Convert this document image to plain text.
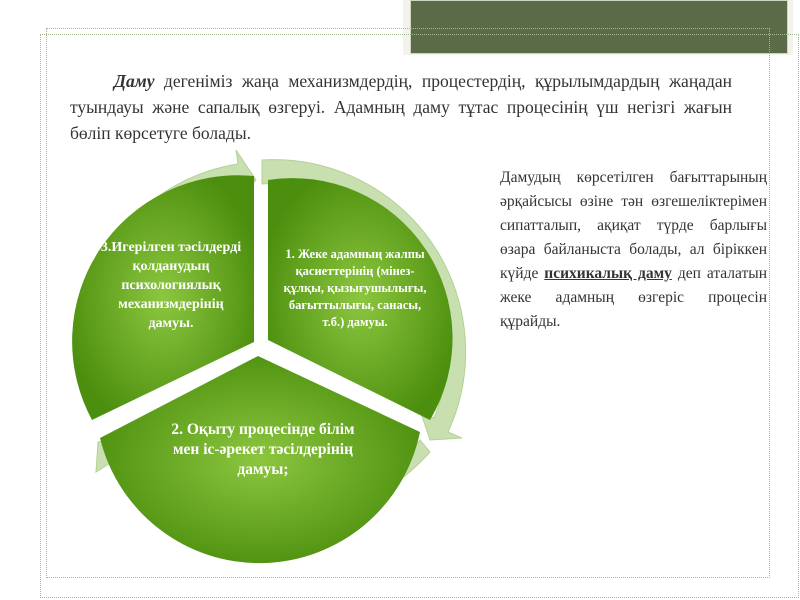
Даму дегеніміз жаңа механизмдердің, процестердің, құрылымдардың жаңадан туындауы және сапалық өзгеруі. Адамның даму тұтас процесінің үш негізгі жағын бөліп көрсетуге болады.

1. Жеке адамның жалпы қасиеттерінің (мінез-құлқы, қызығушылығы, бағыттылығы, санасы, т.б.) дамуы.
2. Оқыту процесінде білім мен іс-әрекет тәсілдерінің дамуы;
3.Игерілген тәсілдерді қолданудың психологиялық механизмдерінің дамуы.

Дамудың көрсетілген бағыттарының әрқайсысы өзіне тән өзгешеліктерімен сипатталып, ақиқат түрде барлығы өзара байланыста болады, ал біріккен күйде психикалық даму деп аталатын жеке адамның өзгеріс процесін құрайды.
